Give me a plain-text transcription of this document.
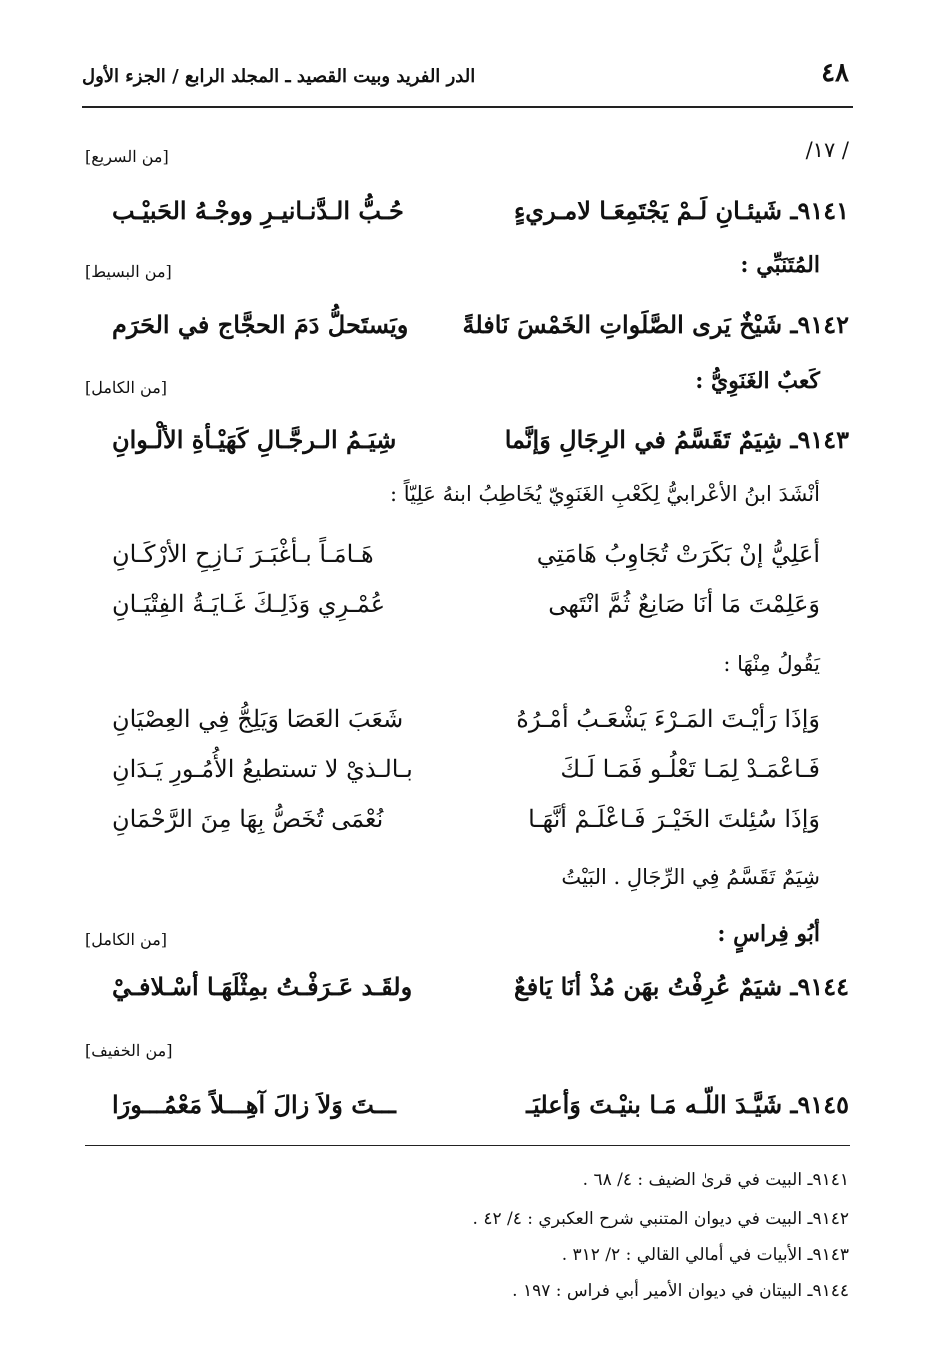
٤٨
الدر الفريد وبيت القصيد ـ المجلد الرابع / الجزء الأول
/ ١٧/
[من السريع]
٩١٤١ـ شَيئـانِ لَـمْ يَجْتَمِعَـا لامـريءٍ
حُـبُّ الـدَّنـانيـرِ ووجْـهُ الحَبيْـب
المُتَنَبِّي :
[من البسيط]
٩١٤٢ـ شَيْخٌ يَرى الصَّلَواتِ الخَمْسَ نَافلةً
ويَستَحلُّ دَمَ الحجَّاج في الحَرَم
كَعبٌ الغَنَوِيُّ :
[من الكامل]
٩١٤٣ـ شِيَمٌ تَقَسَّمُ في الرِجَالِ وَإنَّما
شِيَـمُ الـرجَّـالِ كَهَيْـأةِ الألْـوانِ
أنْشَدَ ابنُ الأعْرابيُّ لِكَعْبِ الغَنَوِيّ يُخَاطِبُ ابنهُ عَلِيّاً :
أعَلِيُّ إنْ بَكَرَتْ تُجَاوِبُ هَامَتِي
هَـامَـاً بـأغْبَـرَ نَـازِحِ الأرْكَـانِ
وَعَلِمْتَ مَا أنَا صَانِعٌ ثُمَّ انْتَهى
عُمْـرِي وَذَلِـكَ غَـايَـةُ الفِتْيَـانِ
يَقُولُ مِنْهَا :
وَإذَا رَأيْـتَ المَـرْءَ يَشْعَـبُ أمْـرُهُ
شَعَبَ العَصَا وَيَلِجُّ فِي العِصْيَانِ
فَـاعْمَـدْ لِمَـا تَعْلُـو فَمَـا لَـكَ
بـالـذيْ لا تستطيعُ الأُمُـورِ يَـدَانِ
وَإذَا سُئِلتَ الخَيْـرَ فَـاعْلَـمْ أنَّهَـا
نُعْمَى تُخَصُّ بِهَا مِنَ الرَّحْمَانِ
شِيَمٌ تَقَسَّمُ فِي الرِّجَالِ . البَيْتُ
أبُو فِراسٍ :
[من الكامل]
٩١٤٤ـ شيَمٌ عُرِفْتُ بهَن مُذْ أنَا يَافعٌ
ولقَـد عَـرَفْـتُ بمِثْلَهَـا أسْـلافـيْ
[من الخفيف]
٩١٤٥ـ شَيَّـدَ اللّـه مَـا بنيْـتَ وَأعليَـ
ـــتَ وَلاَ زالَ آهِـــلاً مَعْمُـــورَا
٩١٤١ـ البيت في قرىٰ الضيف : ٤/ ٦٨ .
٩١٤٢ـ البيت في ديوان المتنبي شرح العكبري : ٤/ ٤٢ .
٩١٤٣ـ الأبيات في أمالي القالي : ٢/ ٣١٢ .
٩١٤٤ـ البيتان في ديوان الأمير أبي فراس : ١٩٧ .
